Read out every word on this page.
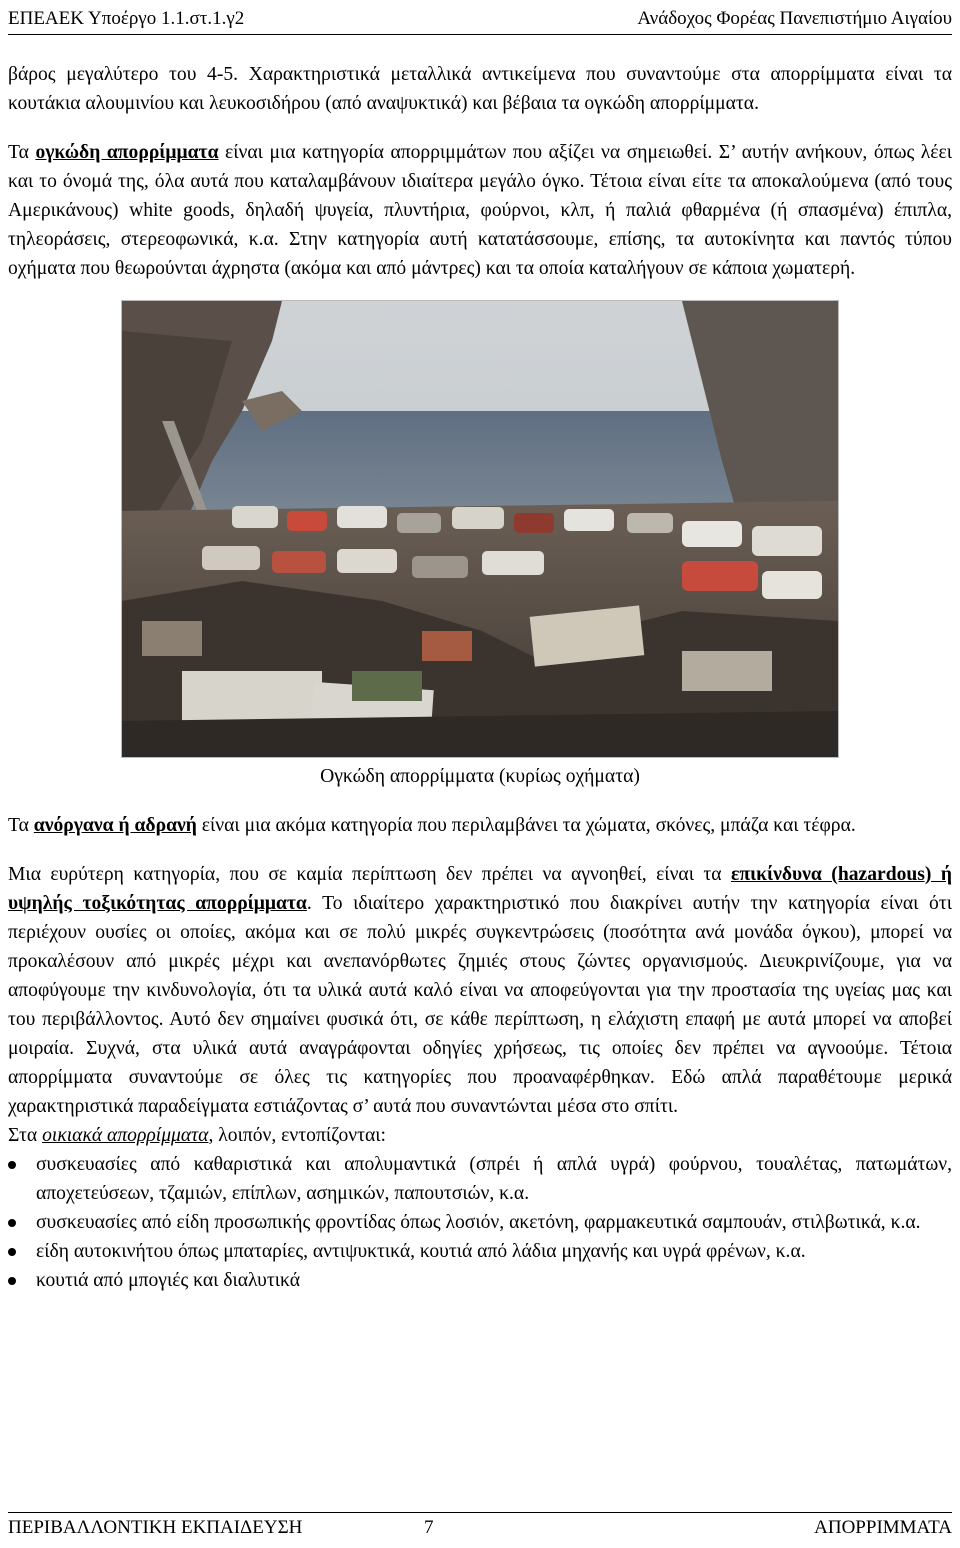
ΕΠΕΑΕΚ Υποέργο 1.1.στ.1.γ2	Ανάδοχος Φορέας Πανεπιστήμιο Αιγαίου

βάρος μεγαλύτερο του 4-5. Χαρακτηριστικά μεταλλικά αντικείμενα που συναντούμε στα απορρίμματα είναι τα κουτάκια αλουμινίου και λευκοσιδήρου (από αναψυκτικά) και βέβαια τα ογκώδη απορρίμματα.

Τα ογκώδη απορρίμματα είναι μια κατηγορία απορριμμάτων που αξίζει να σημειωθεί. Σ’ αυτήν ανήκουν, όπως λέει και το όνομά της, όλα αυτά που καταλαμβάνουν ιδιαίτερα μεγάλο όγκο. Τέτοια είναι είτε τα αποκαλούμενα (από τους Αμερικάνους) white goods, δηλαδή ψυγεία, πλυντήρια, φούρνοι, κλπ, ή παλιά φθαρμένα (ή σπασμένα) έπιπλα, τηλεοράσεις, στερεοφωνικά, κ.α. Στην κατηγορία αυτή κατατάσσουμε, επίσης, τα αυτοκίνητα και παντός τύπου οχήματα που θεωρούνται άχρηστα (ακόμα και από μάντρες) και τα οποία καταλήγουν σε κάποια χωματερή.

Ογκώδη απορρίμματα (κυρίως οχήματα)

Τα ανόργανα ή αδρανή είναι μια ακόμα κατηγορία που περιλαμβάνει τα χώματα, σκόνες, μπάζα και τέφρα.

Μια ευρύτερη κατηγορία, που σε καμία περίπτωση δεν πρέπει να αγνοηθεί, είναι τα επικίνδυνα (hazardous) ή υψηλής τοξικότητας απορρίμματα. Το ιδιαίτερο χαρακτηριστικό που διακρίνει αυτήν την κατηγορία είναι ότι περιέχουν ουσίες οι οποίες, ακόμα και σε πολύ μικρές συγκεντρώσεις (ποσότητα ανά μονάδα όγκου), μπορεί να προκαλέσουν από μικρές μέχρι και ανεπανόρθωτες ζημιές στους ζώντες οργανισμούς. Διευκρινίζουμε, για να αποφύγουμε την κινδυνολογία, ότι τα υλικά αυτά καλό είναι να αποφεύγονται για την προστασία της υγείας μας και του περιβάλλοντος. Αυτό δεν σημαίνει φυσικά ότι, σε κάθε περίπτωση, η ελάχιστη επαφή με αυτά μπορεί να αποβεί μοιραία. Συχνά, στα υλικά αυτά αναγράφονται οδηγίες χρήσεως, τις οποίες δεν πρέπει να αγνοούμε. Τέτοια απορρίμματα συναντούμε σε όλες τις κατηγορίες που προαναφέρθηκαν. Εδώ απλά παραθέτουμε μερικά χαρακτηριστικά παραδείγματα εστιάζοντας σ’ αυτά που συναντώνται μέσα στο σπίτι.

Στα οικιακά απορρίμματα, λοιπόν, εντοπίζονται:

συσκευασίες από καθαριστικά και απολυμαντικά (σπρέι ή απλά υγρά) φούρνου, τουαλέτας, πατωμάτων, αποχετεύσεων, τζαμιών, επίπλων, ασημικών, παπουτσιών, κ.α.
συσκευασίες από είδη προσωπικής φροντίδας όπως λοσιόν, ακετόνη, φαρμακευτικά σαμπουάν, στιλβωτικά, κ.α.
είδη αυτοκινήτου όπως μπαταρίες, αντιψυκτικά, κουτιά από λάδια μηχανής και υγρά φρένων, κ.α.
κουτιά από μπογιές και διαλυτικά
ΠΕΡΙΒΑΛΛΟΝΤΙΚΗ ΕΚΠΑΙΔΕΥΣΗ	7	ΑΠΟΡΡΙΜΜΑΤΑ
